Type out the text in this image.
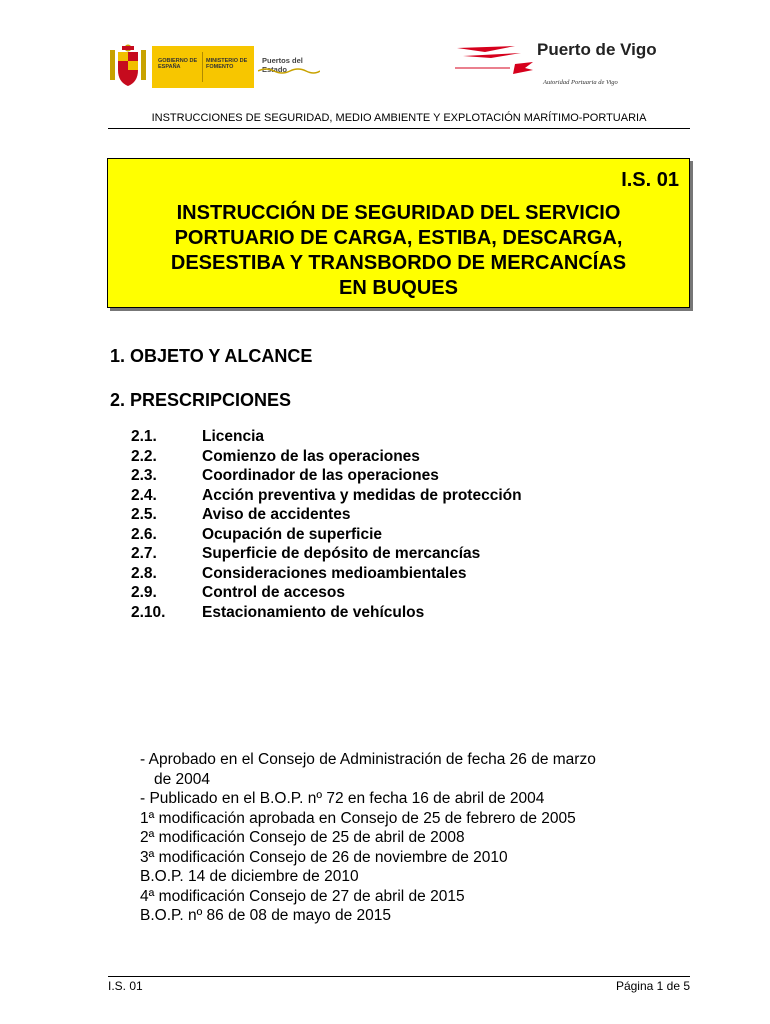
GOBIERNO DE ESPAÑA
MINISTERIO DE FOMENTO
Puertos del Estado
Puerto de Vigo
Autoridad Portuaria de Vigo
INSTRUCCIONES DE SEGURIDAD, MEDIO AMBIENTE Y EXPLOTACIÓN MARÍTIMO-PORTUARIA
I.S. 01
INSTRUCCIÓN DE SEGURIDAD DEL SERVICIO
PORTUARIO DE CARGA, ESTIBA, DESCARGA,
DESESTIBA Y TRANSBORDO DE MERCANCÍAS
EN BUQUES
1. OBJETO Y ALCANCE
2. PRESCRIPCIONES
2.1.	Licencia
2.2.	Comienzo de las operaciones
2.3.	Coordinador de las operaciones
2.4.	Acción preventiva y medidas de protección
2.5.	Aviso de accidentes
2.6.	Ocupación de superficie
2.7.	Superficie de depósito de mercancías
2.8.	Consideraciones medioambientales
2.9.	Control de accesos
2.10. Estacionamiento de vehículos
- Aprobado en el Consejo de Administración de fecha 26 de marzo
de 2004
- Publicado en el B.O.P. nº 72 en fecha 16 de abril de 2004
1ª modificación aprobada en Consejo de 25 de febrero de 2005
2ª modificación Consejo de 25 de abril de 2008
3ª modificación Consejo de 26 de noviembre de 2010
B.O.P. 14 de diciembre de 2010
4ª modificación Consejo de 27 de abril de 2015
B.O.P. nº 86 de 08 de mayo de 2015
I.S. 01	Página 1 de 5
